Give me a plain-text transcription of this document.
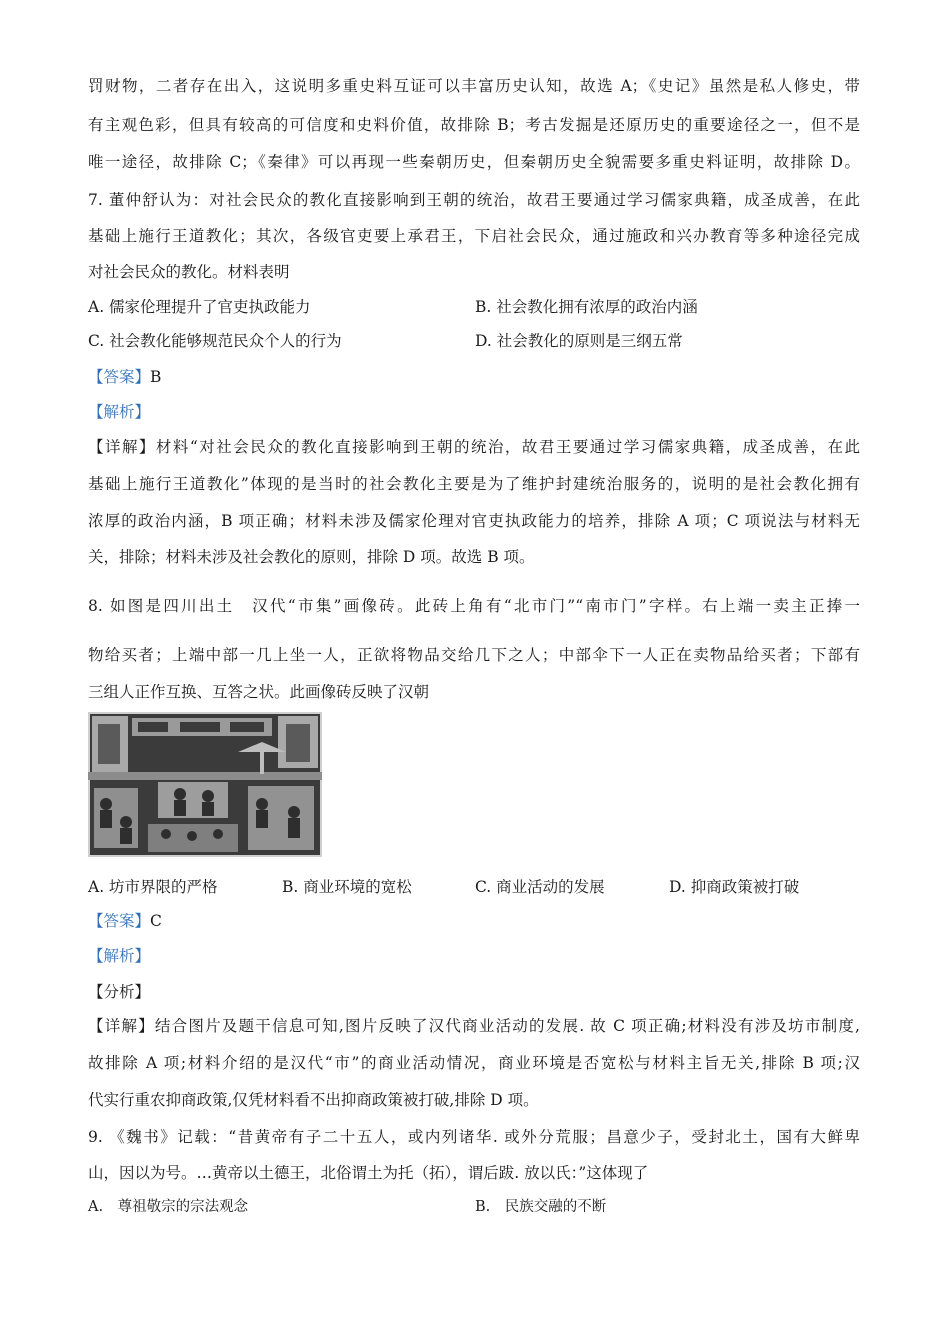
罚财物，二者存在出入，这说明多重史料互证可以丰富历史认知，故选 A；《史记》虽然是私人修史，带
有主观色彩，但具有较高的可信度和史料价值，故排除 B；考古发掘是还原历史的重要途径之一，但不是
唯一途径，故排除 C；《秦律》可以再现一些秦朝历史，但秦朝历史全貌需要多重史料证明，故排除 D。
7. 董仲舒认为：对社会民众的教化直接影响到王朝的统治，故君王要通过学习儒家典籍，成圣成善，在此
基础上施行王道教化；其次，各级官吏要上承君王，下启社会民众，通过施政和兴办教育等多种途径完成
对社会民众的教化。材料表明
A. 儒家伦理提升了官吏执政能力	B. 社会教化拥有浓厚的政治内涵
C. 社会教化能够规范民众个人的行为	D. 社会教化的原则是三纲五常
【答案】B
【解析】
【详解】材料“对社会民众的教化直接影响到王朝的统治，故君王要通过学习儒家典籍，成圣成善，在此
基础上施行王道教化”体现的是当时的社会教化主要是为了维护封建统治服务的，说明的是社会教化拥有
浓厚的政治内涵，B 项正确；材料未涉及儒家伦理对官吏执政能力的培养，排除 A 项；C 项说法与材料无
关，排除；材料未涉及社会教化的原则，排除 D 项。故选 B 项。
8. 如图是四川出土　汉代“市集”画像砖。此砖上角有“北市门”“南市门”字样。右上端一卖主正捧一
物给买者；上端中部一几上坐一人，正欲将物品交给几下之人；中部伞下一人正在卖物品给买者；下部有
三组人正作互换、互答之状。此画像砖反映了汉朝
A. 坊市界限的严格	B. 商业环境的宽松	C. 商业活动的发展	D. 抑商政策被打破
【答案】C
【解析】
【分析】
【详解】结合图片及题干信息可知,图片反映了汉代商业活动的发展. 故 C 项正确;材料没有涉及坊市制度,
故排除 A 项;材料介绍的是汉代“市”的商业活动情况，商业环境是否宽松与材料主旨无关,排除 B 项;汉
代实行重农抑商政策,仅凭材料看不出抑商政策被打破,排除 D 项。
9. 《魏书》记载：“昔黄帝有子二十五人，或内列诸华. 或外分荒服；昌意少子，受封北土，国有大鲜卑
山，因以为号。…黄帝以土德王，北俗谓土为托（拓），谓后跋. 放以氏：”这体现了
A.　尊祖敬宗的宗法观念	B.　民族交融的不断
